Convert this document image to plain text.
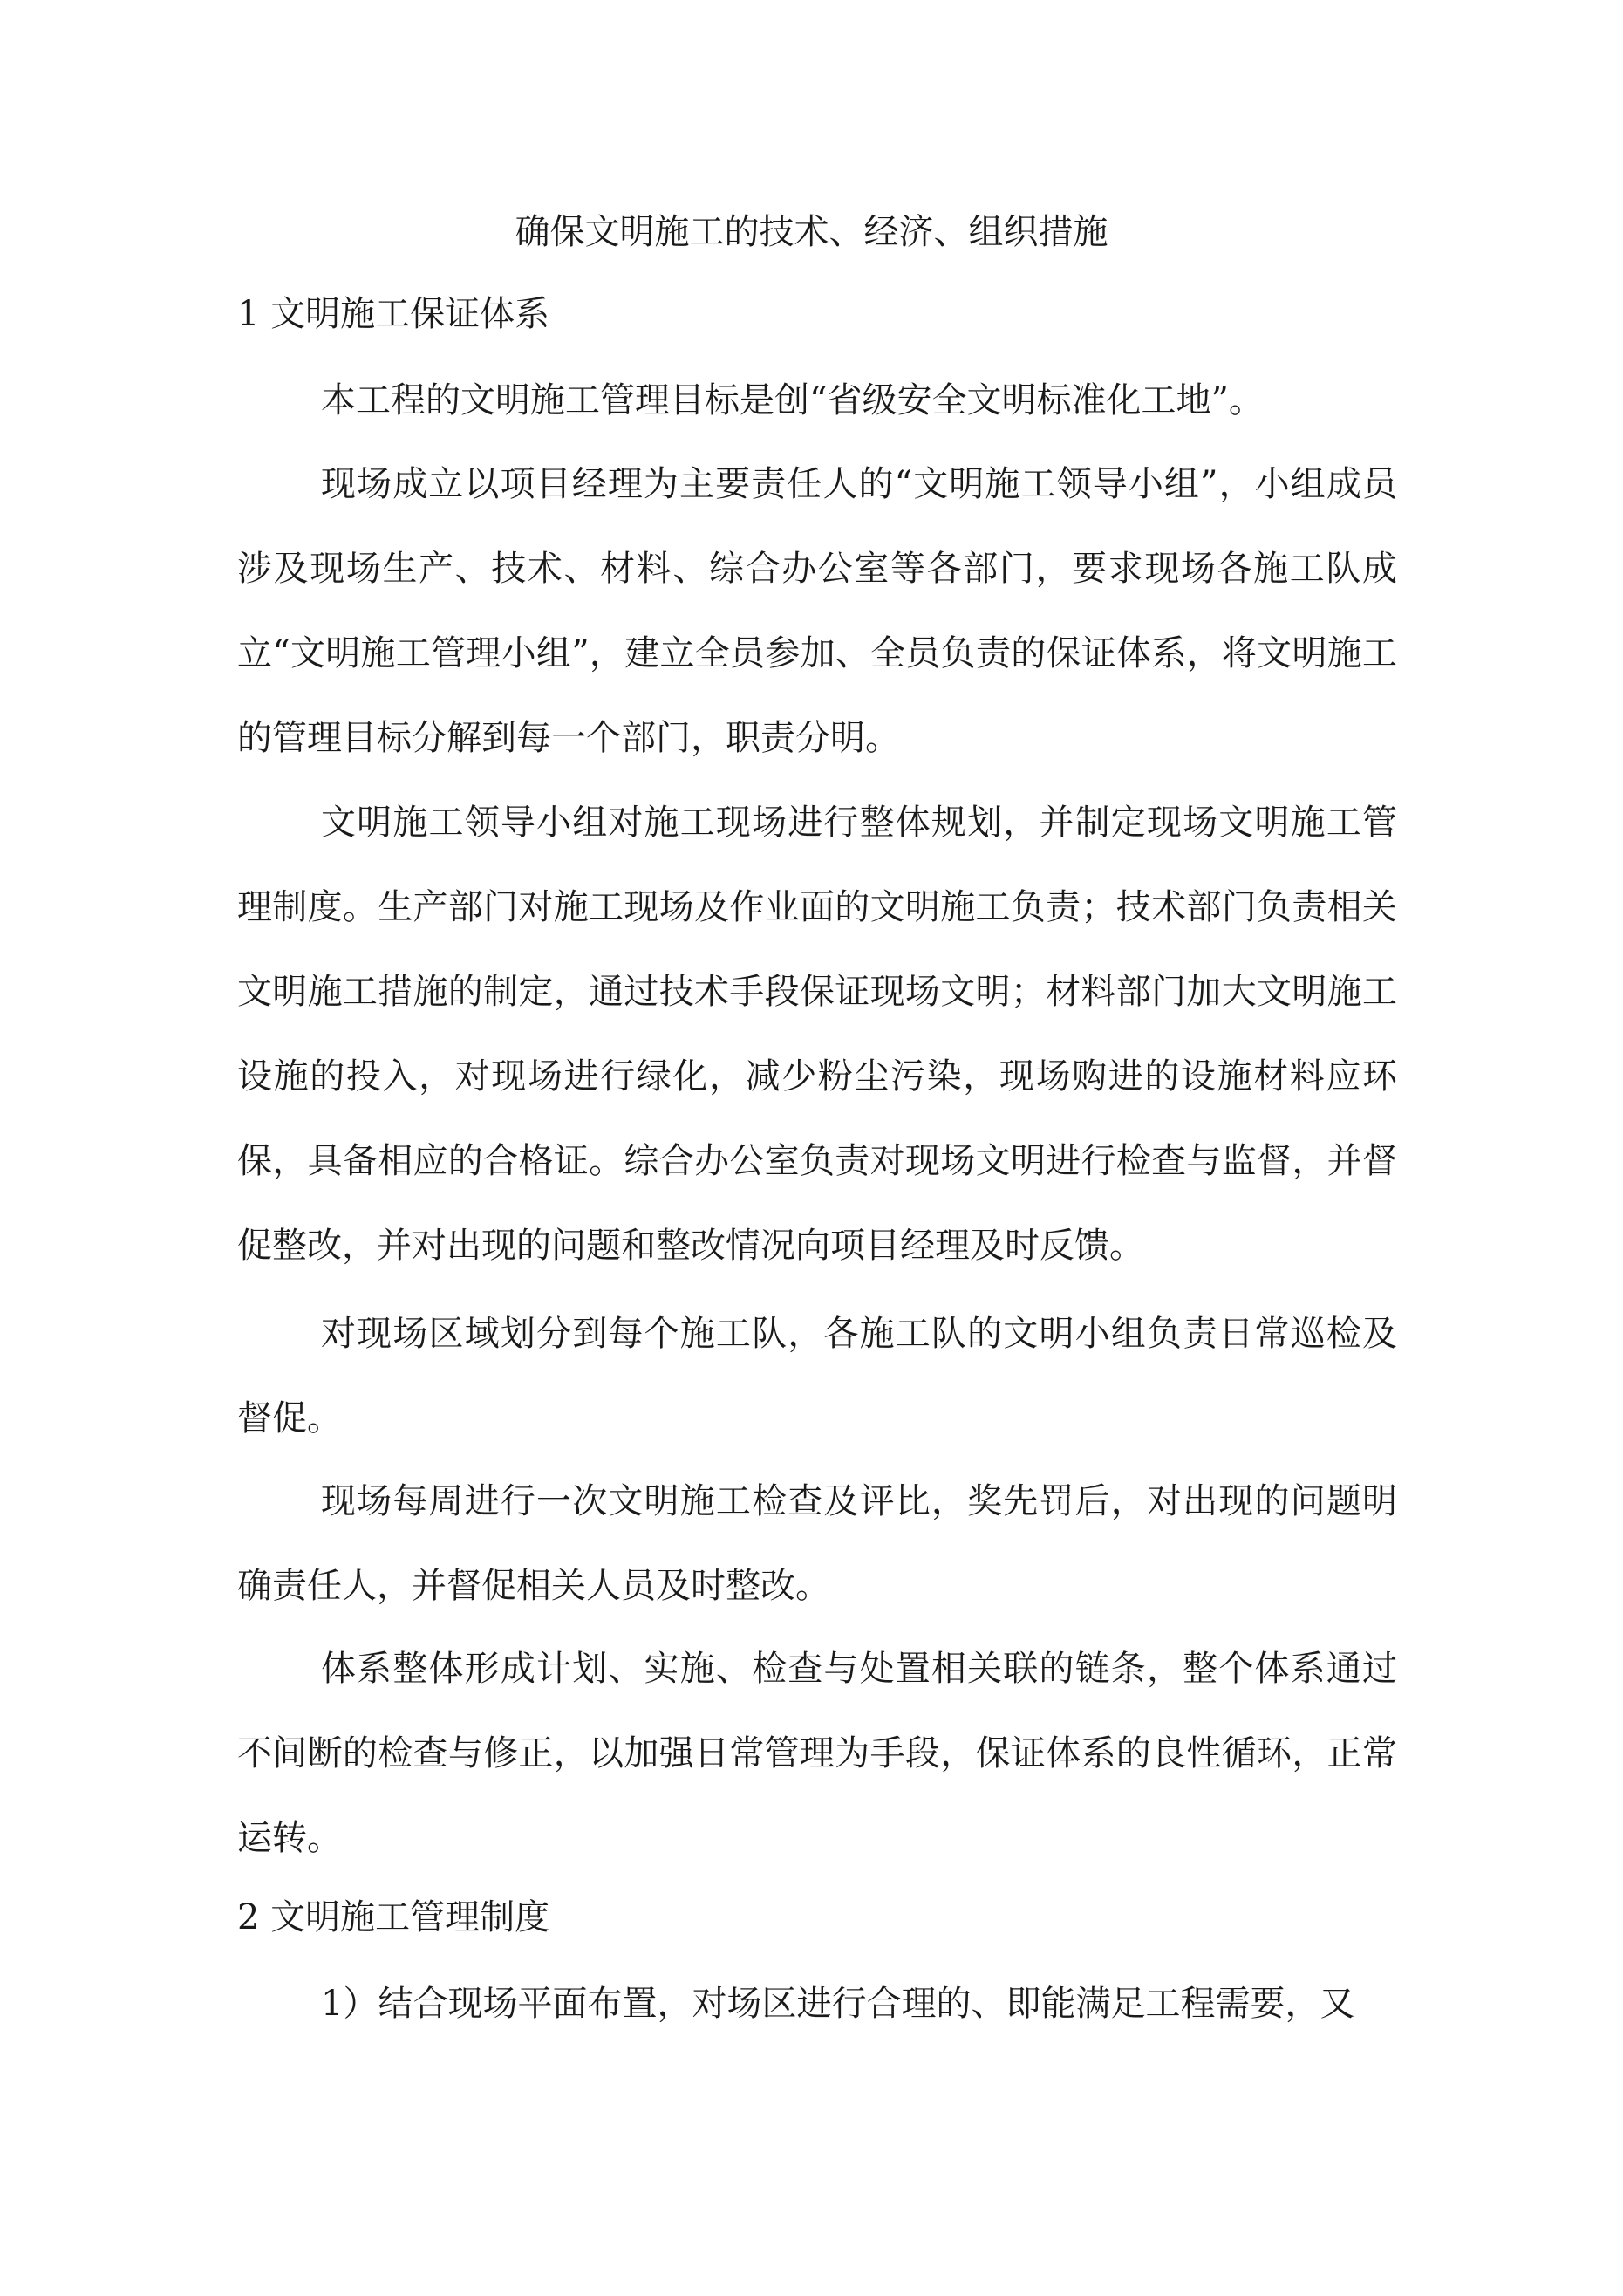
确保文明施工的技术、经济、组织措施
1 文明施工保证体系

本工程的文明施工管理目标是创“省级安全文明标准化工地”。

现场成立以项目经理为主要责任人的“文明施工领导小组”，小组成员涉及现场生产、技术、材料、综合办公室等各部门，要求现场各施工队成立“文明施工管理小组”，建立全员参加、全员负责的保证体系，将文明施工的管理目标分解到每一个部门，职责分明。

文明施工领导小组对施工现场进行整体规划，并制定现场文明施工管理制度。生产部门对施工现场及作业面的文明施工负责；技术部门负责相关文明施工措施的制定，通过技术手段保证现场文明；材料部门加大文明施工设施的投入，对现场进行绿化，减少粉尘污染，现场购进的设施材料应环保，具备相应的合格证。综合办公室负责对现场文明进行检查与监督，并督促整改，并对出现的问题和整改情况向项目经理及时反馈。

对现场区域划分到每个施工队，各施工队的文明小组负责日常巡检及督促。

现场每周进行一次文明施工检查及评比，奖先罚后，对出现的问题明确责任人，并督促相关人员及时整改。

体系整体形成计划、实施、检查与处置相关联的链条，整个体系通过不间断的检查与修正，以加强日常管理为手段，保证体系的良性循环，正常运转。

2 文明施工管理制度

1）结合现场平面布置，对场区进行合理的、即能满足工程需要，又
